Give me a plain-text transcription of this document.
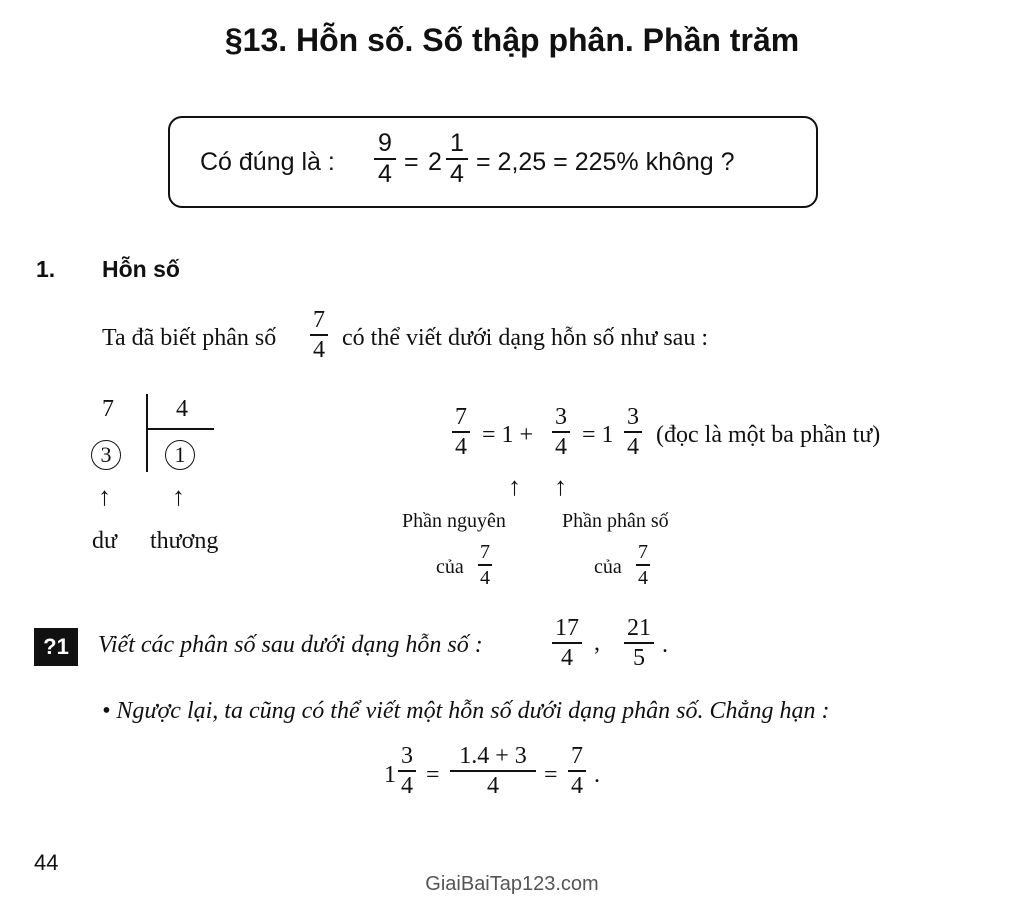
§13. Hỗn số. Số thập phân. Phần trăm
Có đúng là :
9
4 = 2
1
4 = 2,25 = 225% không ?
1. Hỗn số
Ta đã biết phân số
7
4 có thể viết dưới dạng hỗn số như sau :
7	4
3	1
↑ ↑
dư thương
7
4 = 1 +
3
4 = 1
3
4 (đọc là một ba phần tư)
↑ ↑
Phần nguyên	Phần phân số
của
7
4	của
7
4
?1	Viết các phân số sau dưới dạng hỗn số :
17
4
,
21
5 .
• Ngược lại, ta cũng có thể viết một hỗn số dưới dạng phân số. Chẳng hạn :
1
3
4 =
1.4 + 3
4 =
7
4 .
44
GiaiBaiTap123.com
